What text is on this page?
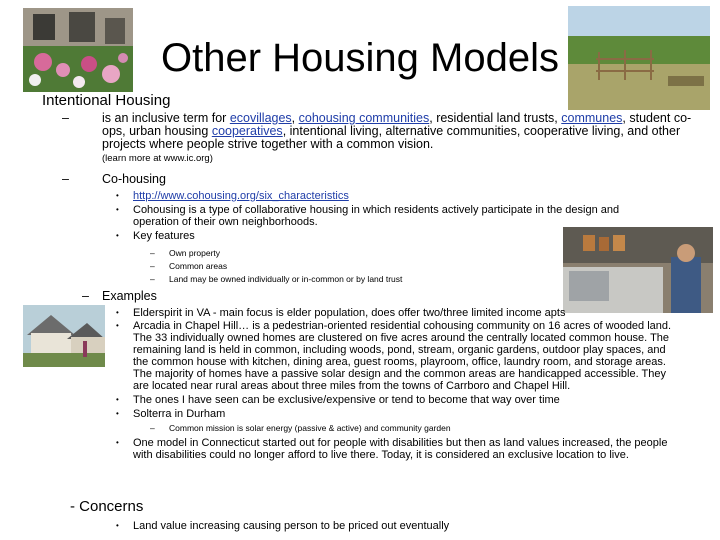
Other Housing Models
Intentional Housing
–	is an inclusive term for ecovillages, cohousing communities, residential land trusts, communes, student co-ops, urban housing cooperatives, intentional living, alternative communities, cooperative living, and other projects where people strive together with a common vision.
(learn more at www.ic.org)
–	Co-housing
• http://www.cohousing.org/six_characteristics
• Cohousing is a type of collaborative housing in which residents actively participate in the design and operation of their own neighborhoods.
• Key features
– Own property
– Common areas
– Land may be owned individually or in-common or by land trust
– Examples
• Elderspirit in VA - main focus is elder population, does offer two/three limited income apts
• Arcadia in Chapel Hill… is a pedestrian-oriented residential cohousing community on 16 acres of wooded land. The 33 individually owned homes are clustered on five acres around the centrally located common house. The remaining land is held in common, including woods, pond, stream, organic gardens, outdoor play spaces, and the common house with kitchen, dining area, guest rooms, playroom, office, laundry room, and storage areas. The majority of homes have a passive solar design and the common areas are handicapped accessible. They are located near rural areas about three miles from the towns of Carrboro and Chapel Hill.
• The ones I have seen can be exclusive/expensive or tend to become that way over time
• Solterra in Durham
– Common mission is solar energy (passive & active) and community garden
• One model in Connecticut started out for people with disabilities but then as land values increased, the people with disabilities could no longer afford to live there. Today, it is considered an exclusive location to live.
- Concerns
• Land value increasing causing person to be priced out eventually
